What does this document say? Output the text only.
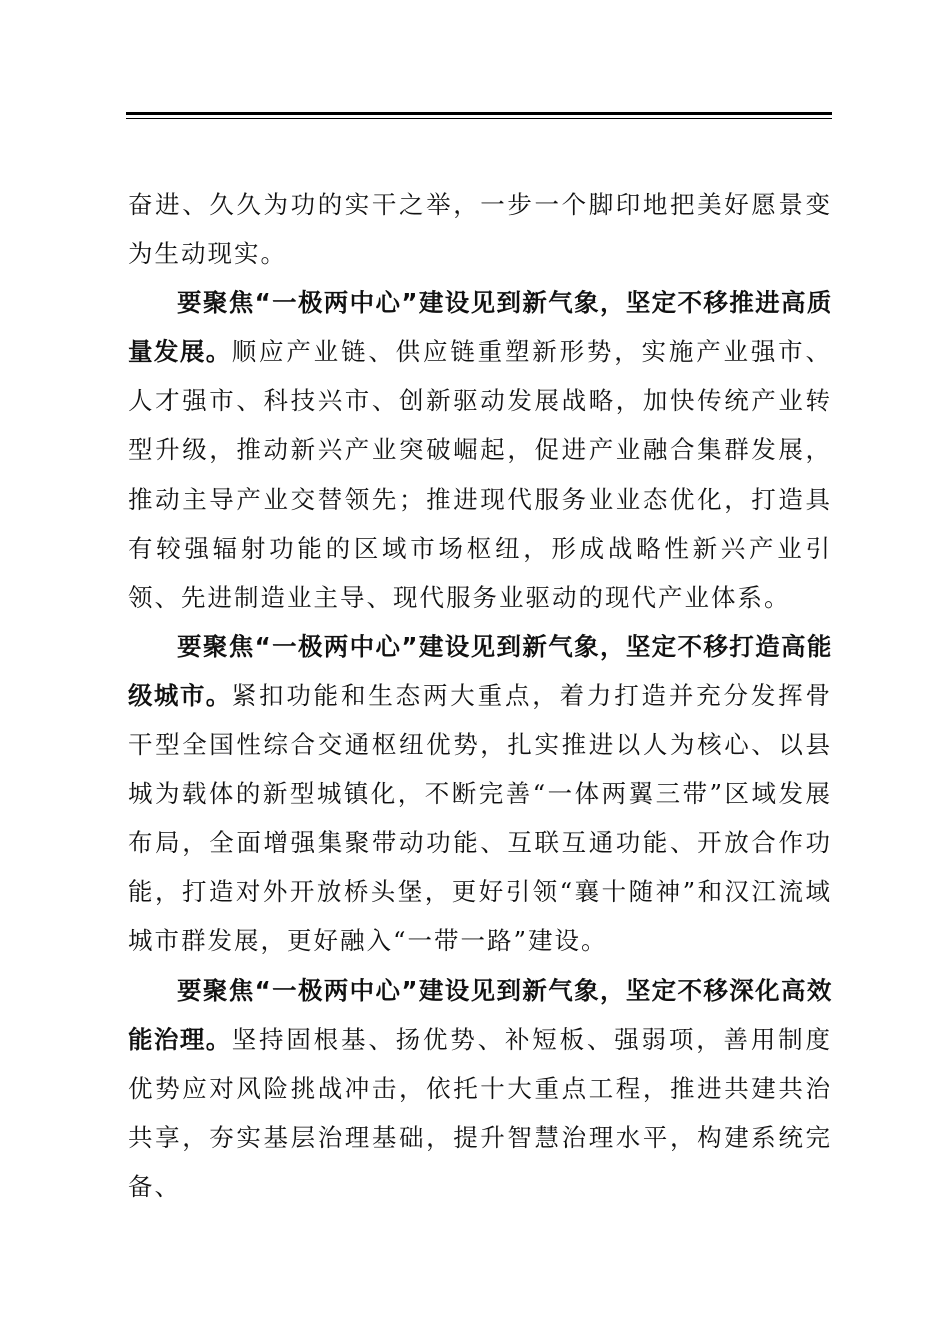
奋进、久久为功的实干之举，一步一个脚印地把美好愿景变为生动现实。

要聚焦“一极两中心”建设见到新气象，坚定不移推进高质量发展。顺应产业链、供应链重塑新形势，实施产业强市、人才强市、科技兴市、创新驱动发展战略，加快传统产业转型升级，推动新兴产业突破崛起，促进产业融合集群发展，推动主导产业交替领先；推进现代服务业业态优化，打造具有较强辐射功能的区域市场枢纽，形成战略性新兴产业引领、先进制造业主导、现代服务业驱动的现代产业体系。

要聚焦“一极两中心”建设见到新气象，坚定不移打造高能级城市。紧扣功能和生态两大重点，着力打造并充分发挥骨干型全国性综合交通枢纽优势，扎实推进以人为核心、以县城为载体的新型城镇化，不断完善“一体两翼三带”区域发展布局，全面增强集聚带动功能、互联互通功能、开放合作功能，打造对外开放桥头堡，更好引领“襄十随神”和汉江流域城市群发展，更好融入“一带一路”建设。

要聚焦“一极两中心”建设见到新气象，坚定不移深化高效能治理。坚持固根基、扬优势、补短板、强弱项，善用制度优势应对风险挑战冲击，依托十大重点工程，推进共建共治共享，夯实基层治理基础，提升智慧治理水平，构建系统完备、
